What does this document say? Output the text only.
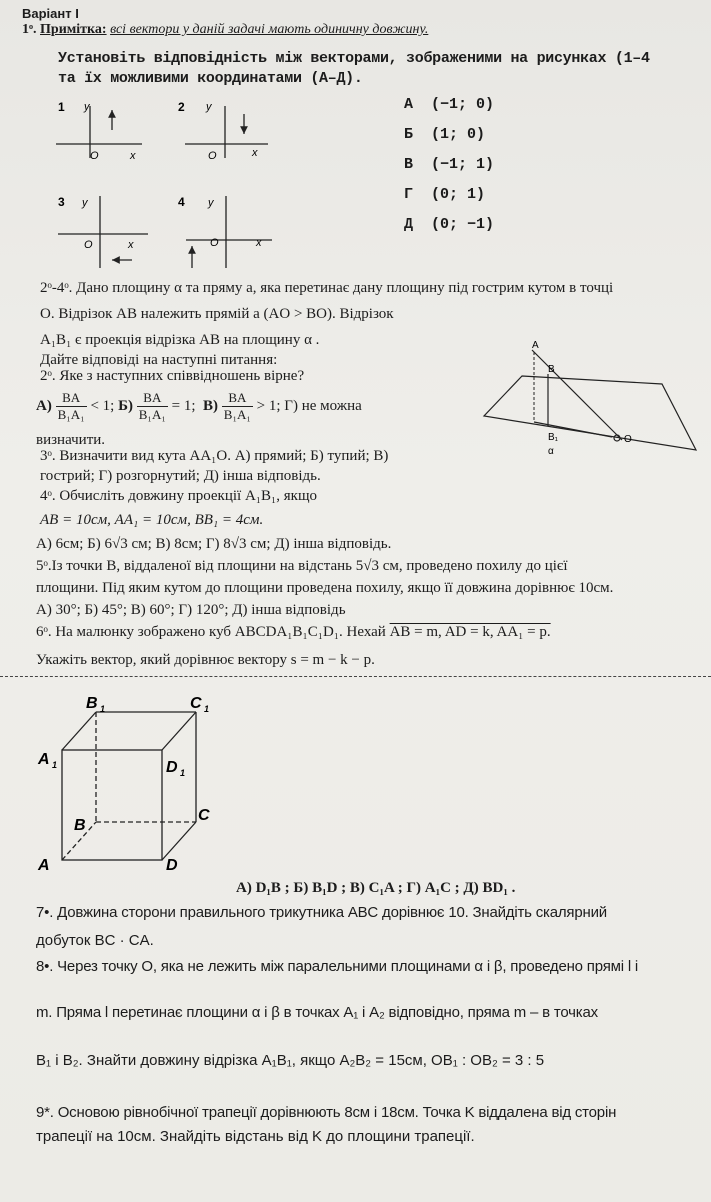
Варіант І
1ᵒ. Примітка: всі вектори у даній задачі мають одиничну довжину.
Установіть відповідність між векторами, зображеними на рисунках (1–4
та їх можливими координатами (А–Д).
1 y
O	x
2 y
O	x
3 y
O	x
4 y
O	x
А (−1; 0)
Б (1; 0)
В (−1; 1)
Г (0; 1)
Д (0; −1)
2ᵒ-4ᵒ. Дано площину α та пряму a, яка перетинає дану площину під гострим кутом в точці
O. Відрізок AB належить прямій a (AO > BO). Відрізок
A₁B₁ є проекція відрізка AB на площину α .
Дайте відповіді на наступні питання:
2ᵒ. Яке з наступних співвідношень вірне?
$А) \frac{BA}{\text{B₁A₁}} < 1$; $Б) \frac{BA}{\text{B₁A₁}} = 1$; $В) \frac{BA}{\text{B₁A₁}} > 1$; Г) не можна
визначити.
A
B
B₁	O
α
3ᵒ. Визначити вид кута AA₁O. А) прямий; Б) тупий; В)
гострий; Г) розгорнутий; Д) інша відповідь.
4ᵒ. Обчисліть довжину проекції A₁B₁, якщо
AB = 10см, AA₁ = 10см, BB₁ = 4см.
А) 6см; Б) 6√3 см; В) 8см; Г) 8√3 см; Д) інша відповідь.
5ᵒ.Із точки В, віддаленої від площини на відстань 5√3 см, проведено похилу до цієї
площини. Під яким кутом до площини проведена похилу, якщо її довжина дорівнює 10см.
А) 30°; Б) 45°; В) 60°; Г) 120°; Д) інша відповідь
6ᵒ. На малюнку зображено куб ABCDA₁B₁C₁D₁. Нехай AB = m, AD = k, AA₁ = p.
Укажіть вектор, який дорівнює вектору s = m − k − p.
B 1	C 1
A 1	D 1
B
C
A	D
А) D₁B ; Б) B₁D ; В) C₁A ; Г) A₁C ; Д) BD₁ .
7•. Довжина сторони правильного трикутника ABC дорівнює 10. Знайдіть скалярний
добуток BC · CA.
8•. Через точку O, яка не лежить між паралельними площинами α і β, проведено прямі l і
m. Пряма l перетинає площини α і β в точках A₁ і A₂ відповідно, пряма m – в точках
B₁ і B₂. Знайти довжину відрізка A₁B₁, якщо A₂B₂ = 15см, OB₁ : OB₂ = 3 : 5
9*. Основою рівнобічної трапеції дорівнюють 8см і 18см. Точка K віддалена від сторін
трапеції на 10см. Знайдіть відстань від K до площини трапеції.
